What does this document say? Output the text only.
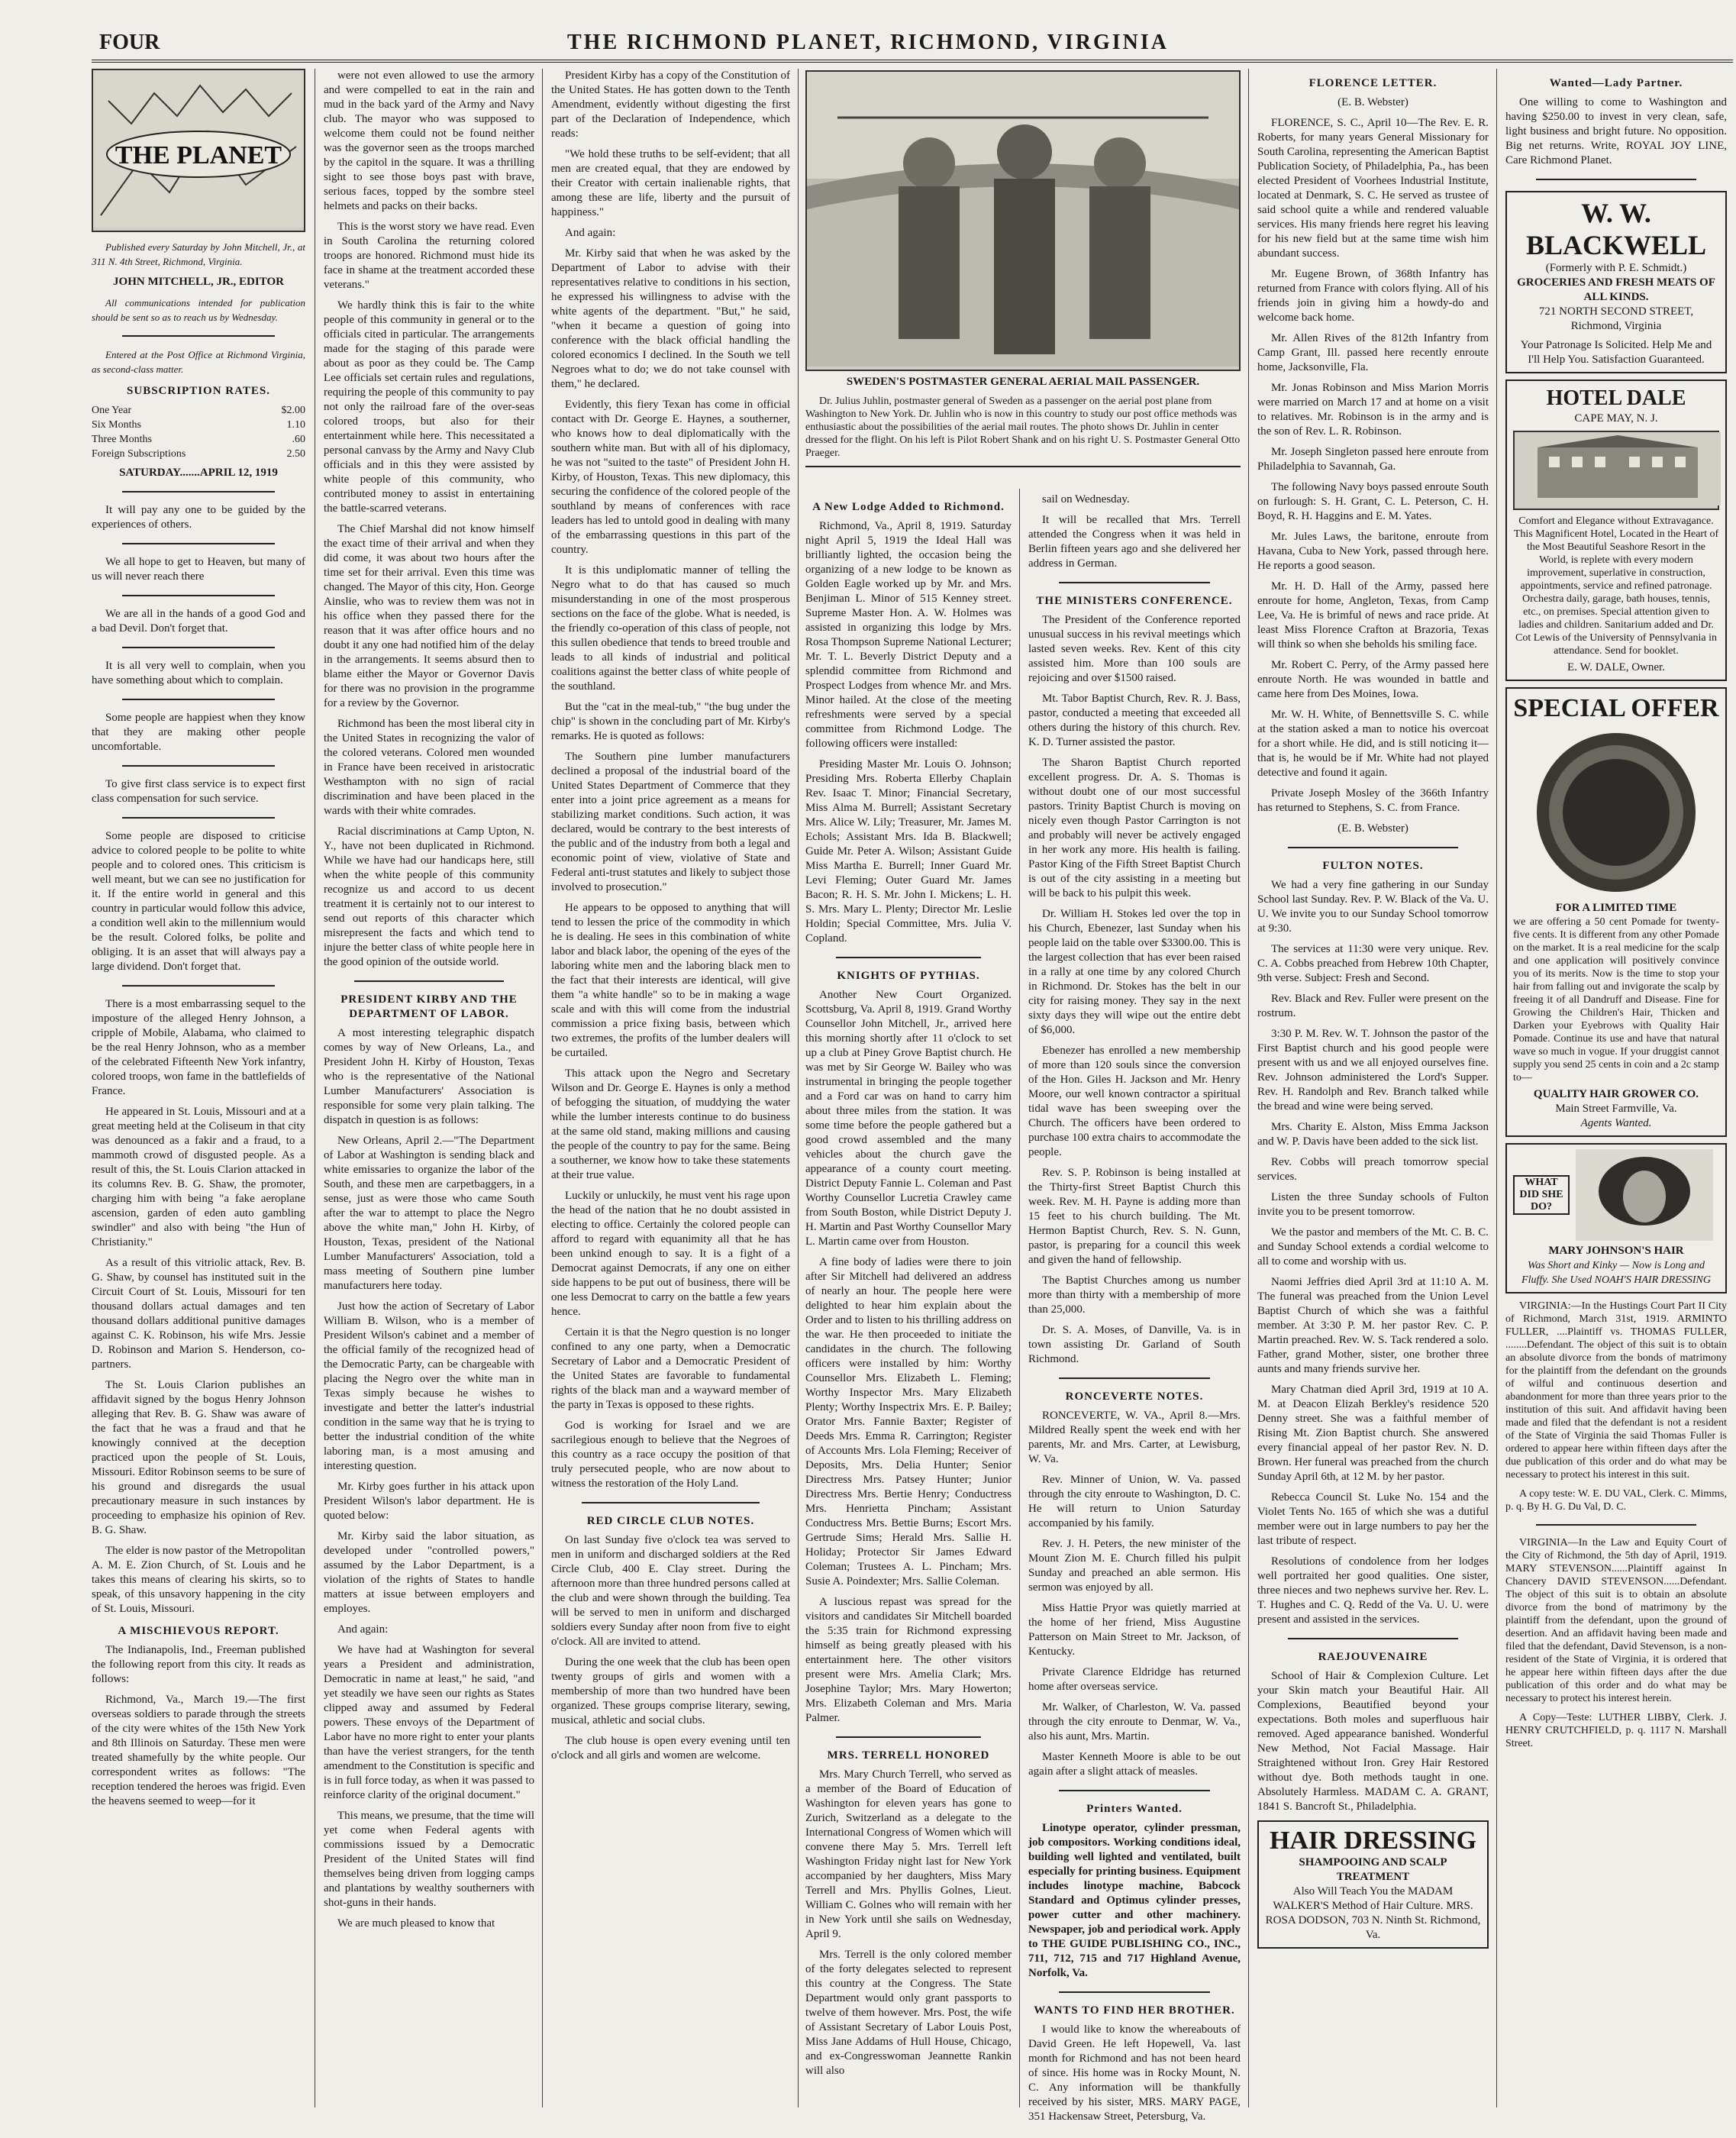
FOUR	THE RICHMOND PLANET, RICHMOND, VIRGINIA
THE PLANET

Published every Saturday by John Mitchell, Jr., at 311 N. 4th Street, Richmond, Virginia.

JOHN MITCHELL, JR., EDITOR

All communications intended for publication should be sent so as to reach us by Wednesday.

Entered at the Post Office at Richmond Virginia, as second-class matter.

SUBSCRIPTION RATES.

One Year	$2.00
Six Months	1.10
Three Months	.60
Foreign Subscriptions	2.50

SATURDAY.......APRIL 12, 1919

It will pay any one to be guided by the experiences of others.

We all hope to get to Heaven, but many of us will never reach there

We are all in the hands of a good God and a bad Devil. Don't forget that.

It is all very well to complain, when you have something about which to complain.

Some people are happiest when they know that they are making other people uncomfortable.

To give first class service is to expect first class compensation for such service.

Some people are disposed to criticise advice to colored people to be polite to white people and to colored ones. This criticism is well meant, but we can see no justification for it. If the entire world in general and this country in particular would follow this advice, a condition well akin to the millennium would be the result. Colored folks, be polite and obliging. It is an asset that will always pay a large dividend. Don't forget that.

There is a most embarrassing sequel to the imposture of the alleged Henry Johnson, a cripple of Mobile, Alabama, who claimed to be the real Henry Johnson, who as a member of the celebrated Fifteenth New York infantry, colored troops, won fame in the battlefields of France.

He appeared in St. Louis, Missouri and at a great meeting held at the Coliseum in that city was denounced as a fakir and a fraud, to a mammoth crowd of disgusted people. As a result of this, the St. Louis Clarion attacked in its columns Rev. B. G. Shaw, the promoter, charging him with being "a fake aeroplane ascension, garden of eden auto gambling swindler" and also with being "the Hun of Christianity."

As a result of this vitriolic attack, Rev. B. G. Shaw, by counsel has instituted suit in the Circuit Court of St. Louis, Missouri for ten thousand dollars actual damages and ten thousand dollars additional punitive damages against C. K. Robinson, his wife Mrs. Jessie D. Robinson and Marion S. Henderson, co-partners.

The St. Louis Clarion publishes an affidavit signed by the bogus Henry Johnson alleging that Rev. B. G. Shaw was aware of the fact that he was a fraud and that he knowingly connived at the deception practiced upon the people of St. Louis, Missouri. Editor Robinson seems to be sure of his ground and disregards the usual precautionary measure in such instances by proceeding to emphasize his opinion of Rev. B. G. Shaw.

The elder is now pastor of the Metropolitan A. M. E. Zion Church, of St. Louis and he takes this means of clearing his skirts, so to speak, of this unsavory happening in the city of St. Louis, Missouri.

A MISCHIEVOUS REPORT.

The Indianapolis, Ind., Freeman published the following report from this city. It reads as follows:

Richmond, Va., March 19.—The first overseas soldiers to parade through the streets of the city were whites of the 15th New York and 8th Illinois on Saturday. These men were treated shamefully by the white people. Our correspondent writes as follows: "The reception tendered the heroes was frigid. Even the heavens seemed to weep—for it

were not even allowed to use the armory and were compelled to eat in the rain and mud in the back yard of the Army and Navy club. The mayor who was supposed to welcome them could not be found neither was the governor seen as the troops marched by the capitol in the square. It was a thrilling sight to see those boys past with brave, serious faces, topped by the sombre steel helmets and packs on their backs.

This is the worst story we have read. Even in South Carolina the returning colored troops are honored. Richmond must hide its face in shame at the treatment accorded these veterans."

We hardly think this is fair to the white people of this community in general or to the officials cited in particular. The arrangements made for the staging of this parade were about as poor as they could be. The Camp Lee officials set certain rules and regulations, requiring the people of this community to pay not only the railroad fare of the over-seas colored troops, but also for their entertainment while here. This necessitated a personal canvass by the Army and Navy Club officials and in this they were assisted by white people of this community, who contributed money to assist in entertaining the battle-scarred veterans.

The Chief Marshal did not know himself the exact time of their arrival and when they did come, it was about two hours after the time set for their arrival. Even this time was changed. The Mayor of this city, Hon. George Ainslie, who was to review them was not in his office when they passed there for the reason that it was after office hours and no doubt it any one had notified him of the delay in the arrangements. It seems absurd then to blame either the Mayor or Governor Davis for there was no provision in the programme for a review by the Governor.

Richmond has been the most liberal city in the United States in recognizing the valor of the colored veterans. Colored men wounded in France have been received in aristocratic Westhampton with no sign of racial discrimination and have been placed in the wards with their white comrades.

Racial discriminations at Camp Upton, N. Y., have not been duplicated in Richmond. While we have had our handicaps here, still when the white people of this community recognize us and accord to us decent treatment it is certainly not to our interest to send out reports of this character which misrepresent the facts and which tend to injure the better class of white people here in the good opinion of the outside world.

PRESIDENT KIRBY AND THE DEPARTMENT OF LABOR.

A most interesting telegraphic dispatch comes by way of New Orleans, La., and President John H. Kirby of Houston, Texas who is the representative of the National Lumber Manufacturers' Association is responsible for some very plain talking. The dispatch in question is as follows:

New Orleans, April 2.—"The Department of Labor at Washington is sending black and white emissaries to organize the labor of the South, and these men are carpetbaggers, in a sense, just as were those who came South after the war to attempt to place the Negro above the white man," John H. Kirby, of Houston, Texas, president of the National Lumber Manufacturers' Association, told a mass meeting of Southern pine lumber manufacturers here today.

Just how the action of Secretary of Labor William B. Wilson, who is a member of President Wilson's cabinet and a member of the official family of the recognized head of the Democratic Party, can be chargeable with placing the Negro over the white man in Texas simply because he wishes to investigate and better the latter's industrial condition in the same way that he is trying to better the industrial condition of the white laboring man, is a most amusing and interesting question.

Mr. Kirby goes further in his attack upon President Wilson's labor department. He is quoted below:

Mr. Kirby said the labor situation, as developed under "controlled powers," assumed by the Labor Department, is a violation of the rights of States to handle matters at issue between employers and employes.

And again:

We have had at Washington for several years a President and administration, Democratic in name at least," he said, "and yet steadily we have seen our rights as States clipped away and assumed by Federal powers. These envoys of the Department of Labor have no more right to enter your plants than have the veriest strangers, for the tenth amendment to the Constitution is specific and is in full force today, as when it was passed to reinforce clarity of the original document."

This means, we presume, that the time will yet come when Federal agents with commissions issued by a Democratic President of the United States will find themselves being driven from logging camps and plantations by wealthy southerners with shot-guns in their hands.

We are much pleased to know that

President Kirby has a copy of the Constitution of the United States. He has gotten down to the Tenth Amendment, evidently without digesting the first part of the Declaration of Independence, which reads:

"We hold these truths to be self-evident; that all men are created equal, that they are endowed by their Creator with certain inalienable rights, that among these are life, liberty and the pursuit of happiness."

And again:

Mr. Kirby said that when he was asked by the Department of Labor to advise with their representatives relative to conditions in his section, he expressed his willingness to advise with the white agents of the department. "But," he said, "when it became a question of going into conference with the black official handling the colored economics I declined. In the South we tell Negroes what to do; we do not take counsel with them," he declared.

Evidently, this fiery Texan has come in official contact with Dr. George E. Haynes, a southerner, who knows how to deal diplomatically with the southern white man. But with all of his diplomacy, he was not "suited to the taste" of President John H. Kirby, of Houston, Texas. This new diplomacy, this securing the confidence of the colored people of the southland by means of conferences with race leaders has led to untold good in dealing with many of the embarrassing questions in this part of the country.

It is this undiplomatic manner of telling the Negro what to do that has caused so much misunderstanding in one of the most prosperous sections on the face of the globe. What is needed, is the friendly co-operation of this class of people, not this sullen obedience that tends to breed trouble and leads to all kinds of industrial and political coalitions against the better class of white people of the southland.

But the "cat in the meal-tub," "the bug under the chip" is shown in the concluding part of Mr. Kirby's remarks. He is quoted as follows:

The Southern pine lumber manufacturers declined a proposal of the industrial board of the United States Department of Commerce that they enter into a joint price agreement as a means for stabilizing market conditions. Such action, it was declared, would be contrary to the best interests of the public and of the industry from both a legal and economic point of view, violative of State and Federal anti-trust statutes and likely to subject those involved to prosecution."

He appears to be opposed to anything that will tend to lessen the price of the commodity in which he is dealing. He sees in this combination of white labor and black labor, the opening of the eyes of the laboring white men and the laboring black men to the fact that their interests are identical, will give them "a white handle" so to be in making a wage scale and with this will come from the industrial commission a price fixing basis, between which two extremes, the profits of the lumber dealers will be curtailed.

This attack upon the Negro and Secretary Wilson and Dr. George E. Haynes is only a method of befogging the situation, of muddying the water while the lumber interests continue to do business at the same old stand, making millions and causing the people of the country to pay for the same. Being a southerner, we know how to take these statements at their true value.

Luckily or unluckily, he must vent his rage upon the head of the nation that he no doubt assisted in electing to office. Certainly the colored people can afford to regard with equanimity all that he has been unkind enough to say. It is a fight of a Democrat against Democrats, if any one on either side happens to be put out of business, there will be one less Democrat to carry on the battle a few years hence.

Certain it is that the Negro question is no longer confined to any one party, when a Democratic Secretary of Labor and a Democratic President of the United States are favorable to fundamental rights of the black man and a wayward member of the party in Texas is opposed to these rights.

God is working for Israel and we are sacrilegious enough to believe that the Negroes of this country as a race occupy the position of that truly persecuted people, who are now about to witness the restoration of the Holy Land.

RED CIRCLE CLUB NOTES.

On last Sunday five o'clock tea was served to men in uniform and discharged soldiers at the Red Circle Club, 400 E. Clay street. During the afternoon more than three hundred persons called at the club and were shown through the building. Tea will be served to men in uniform and discharged soldiers every Sunday after noon from five to eight o'clock. All are invited to attend.

During the one week that the club has been open twenty groups of girls and women with a membership of more than two hundred have been organized. These groups comprise literary, sewing, musical, athletic and social clubs.

The club house is open every evening until ten o'clock and all girls and women are welcome.

SWEDEN'S POSTMASTER GENERAL AERIAL MAIL PASSENGER.

Dr. Julius Juhlin, postmaster general of Sweden as a passenger on the aerial post plane from Washington to New York. Dr. Juhlin who is now in this country to study our post office methods was enthusiastic about the possibilities of the aerial mail routes. The photo shows Dr. Juhlin in center dressed for the flight. On his left is Pilot Robert Shank and on his right U. S. Postmaster General Otto Praeger.

A New Lodge Added to Richmond.

Richmond, Va., April 8, 1919. Saturday night April 5, 1919 the Ideal Hall was brilliantly lighted, the occasion being the organizing of a new lodge to be known as Golden Eagle worked up by Mr. and Mrs. Benjiman L. Minor of 515 Kenney street. Supreme Master Hon. A. W. Holmes was assisted in organizing this lodge by Mrs. Rosa Thompson Supreme National Lecturer; Mr. T. L. Beverly District Deputy and a splendid committee from Richmond and Prospect Lodges from whence Mr. and Mrs. Minor hailed. At the close of the meeting refreshments were served by a special committee from Richmond Lodge. The following officers were installed:

Presiding Master Mr. Louis O. Johnson; Presiding Mrs. Roberta Ellerby Chaplain Rev. Isaac T. Minor; Financial Secretary, Miss Alma M. Burrell; Assistant Secretary Mrs. Alice W. Lily; Treasurer, Mr. James M. Echols; Assistant Mrs. Ida B. Blackwell; Guide Mr. Peter A. Wilson; Assistant Guide Miss Martha E. Burrell; Inner Guard Mr. Levi Fleming; Outer Guard Mr. James Bacon; R. H. S. Mr. John I. Mickens; L. H. S. Mrs. Mary L. Plenty; Director Mr. Leslie Holdin; Special Committee, Mrs. Julia V. Copland.

KNIGHTS OF PYTHIAS.

Another New Court Organized. Scottsburg, Va. April 8, 1919. Grand Worthy Counsellor John Mitchell, Jr., arrived here this morning shortly after 11 o'clock to set up a club at Piney Grove Baptist church. He was met by Sir George W. Bailey who was instrumental in bringing the people together and a Ford car was on hand to carry him about three miles from the station. It was some time before the people gathered but a good crowd assembled and the many vehicles about the church gave the appearance of a county court meeting. District Deputy Fannie L. Coleman and Past Worthy Counsellor Lucretia Crawley came from South Boston, while District Deputy J. H. Martin and Past Worthy Counsellor Mary L. Martin came over from Houston.

A fine body of ladies were there to join after Sir Mitchell had delivered an address of nearly an hour. The people here were delighted to hear him explain about the Order and to listen to his thrilling address on the war. He then proceeded to initiate the candidates in the church. The following officers were installed by him: Worthy Counsellor Mrs. Elizabeth L. Fleming; Worthy Inspector Mrs. Mary Elizabeth Plenty; Worthy Inspectrix Mrs. E. P. Bailey; Orator Mrs. Fannie Baxter; Register of Deeds Mrs. Emma R. Carrington; Register of Accounts Mrs. Lola Fleming; Receiver of Deposits, Mrs. Delia Hunter; Senior Directress Mrs. Patsey Hunter; Junior Directress Mrs. Bertie Henry; Conductress Mrs. Henrietta Pincham; Assistant Conductress Mrs. Bettie Burns; Escort Mrs. Gertrude Sims; Herald Mrs. Sallie H. Holiday; Protector Sir James Edward Coleman; Trustees A. L. Pincham; Mrs. Susie A. Poindexter; Mrs. Sallie Coleman.

A luscious repast was spread for the visitors and candidates Sir Mitchell boarded the 5:35 train for Richmond expressing himself as being greatly pleased with his entertainment here. The other visitors present were Mrs. Amelia Clark; Mrs. Josephine Taylor; Mrs. Mary Howerton; Mrs. Elizabeth Coleman and Mrs. Maria Palmer.

MRS. TERRELL HONORED

Mrs. Mary Church Terrell, who served as a member of the Board of Education of Washington for eleven years has gone to Zurich, Switzerland as a delegate to the International Congress of Women which will convene there May 5. Mrs. Terrell left Washington Friday night last for New York accompanied by her daughters, Miss Mary Terrell and Mrs. Phyllis Golnes, Lieut. William C. Golnes who will remain with her in New York until she sails on Wednesday, April 9.

Mrs. Terrell is the only colored member of the forty delegates selected to represent this country at the Congress. The State Department would only grant passports to twelve of them however. Mrs. Post, the wife of Assistant Secretary of Labor Louis Post, Miss Jane Addams of Hull House, Chicago, and ex-Congresswoman Jeannette Rankin will also

sail on Wednesday.

It will be recalled that Mrs. Terrell attended the Congress when it was held in Berlin fifteen years ago and she delivered her address in German.

THE MINISTERS CONFERENCE.

The President of the Conference reported unusual success in his revival meetings which lasted seven weeks. Rev. Kent of this city assisted him. More than 100 souls are rejoicing and over $1500 raised.

Mt. Tabor Baptist Church, Rev. R. J. Bass, pastor, conducted a meeting that exceeded all others during the history of this church. Rev. K. D. Turner assisted the pastor.

The Sharon Baptist Church reported excellent progress. Dr. A. S. Thomas is without doubt one of our most successful pastors. Trinity Baptist Church is moving on nicely even though Pastor Carrington is not and probably will never be actively engaged in her work any more. His health is failing. Pastor King of the Fifth Street Baptist Church is out of the city assisting in a meeting but will be back to his pulpit this week.

Dr. William H. Stokes led over the top in his Church, Ebenezer, last Sunday when his people laid on the table over $3300.00. This is the largest collection that has ever been raised in a rally at one time by any colored Church in Richmond. Dr. Stokes has the belt in our city for raising money. They say in the next sixty days they will wipe out the entire debt of $6,000.

Ebenezer has enrolled a new membership of more than 120 souls since the conversion of the Hon. Giles H. Jackson and Mr. Henry Moore, our well known contractor a spiritual tidal wave has been sweeping over the Church. The officers have been ordered to purchase 100 extra chairs to accommodate the people.

Rev. S. P. Robinson is being installed at the Thirty-first Street Baptist Church this week. Rev. M. H. Payne is adding more than 15 feet to his church building. The Mt. Hermon Baptist Church, Rev. S. N. Gunn, pastor, is preparing for a council this week and given the hand of fellowship.

The Baptist Churches among us number more than thirty with a membership of more than 25,000.

Dr. S. A. Moses, of Danville, Va. is in town assisting Dr. Garland of South Richmond.

RONCEVERTE NOTES.

RONCEVERTE, W. VA., April 8.—Mrs. Mildred Really spent the week end with her parents, Mr. and Mrs. Carter, at Lewisburg, W. Va.

Rev. Minner of Union, W. Va. passed through the city enroute to Washington, D. C. He will return to Union Saturday accompanied by his family.

Rev. J. H. Peters, the new minister of the Mount Zion M. E. Church filled his pulpit Sunday and preached an able sermon. His sermon was enjoyed by all.

Miss Hattie Pryor was quietly married at the home of her friend, Miss Augustine Patterson on Main Street to Mr. Jackson, of Kentucky.

Private Clarence Eldridge has returned home after overseas service.

Mr. Walker, of Charleston, W. Va. passed through the city enroute to Denmar, W. Va., also his aunt, Mrs. Martin.

Master Kenneth Moore is able to be out again after a slight attack of measles.

Printers Wanted.

Linotype operator, cylinder pressman, job compositors. Working conditions ideal, building well lighted and ventilated, built especially for printing business. Equipment includes linotype machine, Babcock Standard and Optimus cylinder presses, power cutter and other machinery. Newspaper, job and periodical work. Apply to THE GUIDE PUBLISHING CO., INC., 711, 712, 715 and 717 Highland Avenue, Norfolk, Va.

WANTS TO FIND HER BROTHER.

I would like to know the whereabouts of David Green. He left Hopewell, Va. last month for Richmond and has not been heard of since. His home was in Rocky Mount, N. C. Any information will be thankfully received by his sister, MRS. MARY PAGE, 351 Hackensaw Street, Petersburg, Va.

FLORENCE LETTER.

(E. B. Webster)

FLORENCE, S. C., April 10—The Rev. E. R. Roberts, for many years General Missionary for South Carolina, representing the American Baptist Publication Society, of Philadelphia, Pa., has been elected President of Voorhees Industrial Institute, located at Denmark, S. C. He served as trustee of said school quite a while and rendered valuable services. His many friends here regret his leaving for his new field but at the same time wish him abundant success.

Mr. Eugene Brown, of 368th Infantry has returned from France with colors flying. All of his friends join in giving him a howdy-do and welcome back home.

Mr. Allen Rives of the 812th Infantry from Camp Grant, Ill. passed here recently enroute home, Jacksonville, Fla.

Mr. Jonas Robinson and Miss Marion Morris were married on March 17 and at home on a visit to relatives. Mr. Robinson is in the army and is the son of Rev. L. R. Robinson.

Mr. Joseph Singleton passed here enroute from Philadelphia to Savannah, Ga.

The following Navy boys passed enroute South on furlough: S. H. Grant, C. L. Peterson, C. H. Boyd, R. H. Haggins and E. M. Yates.

Mr. Jules Laws, the baritone, enroute from Havana, Cuba to New York, passed through here. He reports a good season.

Mr. H. D. Hall of the Army, passed here enroute for home, Angleton, Texas, from Camp Lee, Va. He is brimful of news and race pride. At least Miss Florence Crafton at Brazoria, Texas will think so when she beholds his smiling face.

Mr. Robert C. Perry, of the Army passed here enroute North. He was wounded in battle and came here from Des Moines, Iowa.

Mr. W. H. White, of Bennettsville S. C. while at the station asked a man to notice his overcoat for a short while. He did, and is still noticing it—that is, he would be if Mr. White had not played detective and found it again.

Private Joseph Mosley of the 366th Infantry has returned to Stephens, S. C. from France.

(E. B. Webster)

FULTON NOTES.

We had a very fine gathering in our Sunday School last Sunday. Rev. P. W. Black of the Va. U. U. We invite you to our Sunday School tomorrow at 9:30.

The services at 11:30 were very unique. Rev. C. A. Cobbs preached from Hebrew 10th Chapter, 9th verse. Subject: Fresh and Second.

Rev. Black and Rev. Fuller were present on the rostrum.

3:30 P. M. Rev. W. T. Johnson the pastor of the First Baptist church and his good people were present with us and we all enjoyed ourselves fine. Rev. Johnson administered the Lord's Supper. Rev. H. Randolph and Rev. Branch talked while the bread and wine were being served.

Mrs. Charity E. Alston, Miss Emma Jackson and W. P. Davis have been added to the sick list.

Rev. Cobbs will preach tomorrow special services.

Listen the three Sunday schools of Fulton invite you to be present tomorrow.

We the pastor and members of the Mt. C. B. C. and Sunday School extends a cordial welcome to all to come and worship with us.

Naomi Jeffries died April 3rd at 11:10 A. M. The funeral was preached from the Union Level Baptist Church of which she was a faithful member. At 3:30 P. M. her pastor Rev. C. P. Martin preached. Rev. W. S. Tack rendered a solo. Father, grand Mother, sister, one brother three aunts and many friends survive her.

Mary Chatman died April 3rd, 1919 at 10 A. M. at Deacon Elizah Berkley's residence 520 Denny street. She was a faithful member of Rising Mt. Zion Baptist church. She answered every financial appeal of her pastor Rev. N. D. Brown. Her funeral was preached from the church Sunday April 6th, at 12 M. by her pastor.

Rebecca Council St. Luke No. 154 and the Violet Tents No. 165 of which she was a dutiful member were out in large numbers to pay her the last tribute of respect.

Resolutions of condolence from her lodges well portraited her good qualities. One sister, three nieces and two nephews survive her. Rev. L. T. Hughes and C. Q. Redd of the Va. U. U. were present and assisted in the services.

RAEJOUVENAIRE

School of Hair & Complexion Culture. Let your Skin match your Beautiful Hair. All Complexions, Beautified beyond your expectations. Both moles and superfluous hair removed. Aged appearance banished. Wonderful New Method, Not Facial Massage. Hair Straightened without Iron. Grey Hair Restored without dye. Both methods taught in one. Absolutely Harmless. MADAM C. A. GRANT, 1841 S. Bancroft St., Philadelphia.

HAIR DRESSING
SHAMPOOING AND SCALP TREATMENT
Also Will Teach You the MADAM WALKER'S Method of Hair Culture. MRS. ROSA DODSON, 703 N. Ninth St. Richmond, Va.

Wanted—Lady Partner.

One willing to come to Washington and having $250.00 to invest in very clean, safe, light business and bright future. No opposition. Big net returns. Write, ROYAL JOY LINE, Care Richmond Planet.

W. W. BLACKWELL
(Formerly with P. E. Schmidt.)
GROCERIES AND FRESH MEATS OF ALL KINDS.
721 NORTH SECOND STREET, Richmond, Virginia
Your Patronage Is Solicited. Help Me and I'll Help You. Satisfaction Guaranteed.
HOTEL DALE
CAPE MAY, N. J.
Comfort and Elegance without Extravagance. This Magnificent Hotel, Located in the Heart of the Most Beautiful Seashore Resort in the World, is replete with every modern improvement, superlative in construction, appointments, service and refined patronage. Orchestra daily, garage, bath houses, tennis, etc., on premises. Special attention given to ladies and children. Sanitarium added and Dr. Cot Lewis of the University of Pennsylvania in attendance. Send for booklet.
E. W. DALE, Owner.
SPECIAL OFFER
FOR A LIMITED TIME
we are offering a 50 cent Pomade for twenty-five cents. It is different from any other Pomade on the market. It is a real medicine for the scalp and one application will positively convince you of its merits. Now is the time to stop your hair from falling out and invigorate the scalp by freeing it of all Dandruff and Disease. Fine for Growing the Children's Hair, Thicken and Darken your Eyebrows with Quality Hair Pomade. Continue its use and have that natural wave so much in vogue. If your druggist cannot supply you send 25 cents in coin and a 2c stamp to—
QUALITY HAIR GROWER CO.
Main Street Farmville, Va.
Agents Wanted.
WHAT DID SHE DO?
MARY JOHNSON'S HAIR
Was Short and Kinky — Now is Long and Fluffy. She Used NOAH'S HAIR DRESSING

VIRGINIA:—In the Hustings Court Part II City of Richmond, March 31st, 1919. ARMINTO FULLER, ....Plaintiff vs. THOMAS FULLER, ........Defendant. The object of this suit is to obtain an absolute divorce from the bonds of matrimony for the plaintiff from the defendant on the grounds of wilful and continuous desertion and abandonment for more than three years prior to the institution of this suit. And affidavit having been made and filed that the defendant is not a resident of the State of Virginia the said Thomas Fuller is ordered to appear here within fifteen days after the due publication of this order and do what may be necessary to protect his interest in this suit.

A copy teste: W. E. DU VAL, Clerk. C. Mimms, p. q. By H. G. Du Val, D. C.

VIRGINIA—In the Law and Equity Court of the City of Richmond, the 5th day of April, 1919. MARY STEVENSON......Plaintiff against In Chancery DAVID STEVENSON......Defendant. The object of this suit is to obtain an absolute divorce from the bond of matrimony by the plaintiff from the defendant, upon the ground of desertion. And an affidavit having been made and filed that the defendant, David Stevenson, is a non-resident of the State of Virginia, it is ordered that he appear here within fifteen days after the due publication of this order and do what may be necessary to protect his interest herein.

A Copy—Teste: LUTHER LIBBY, Clerk. J. HENRY CRUTCHFIELD, p. q. 1117 N. Marshall Street.
